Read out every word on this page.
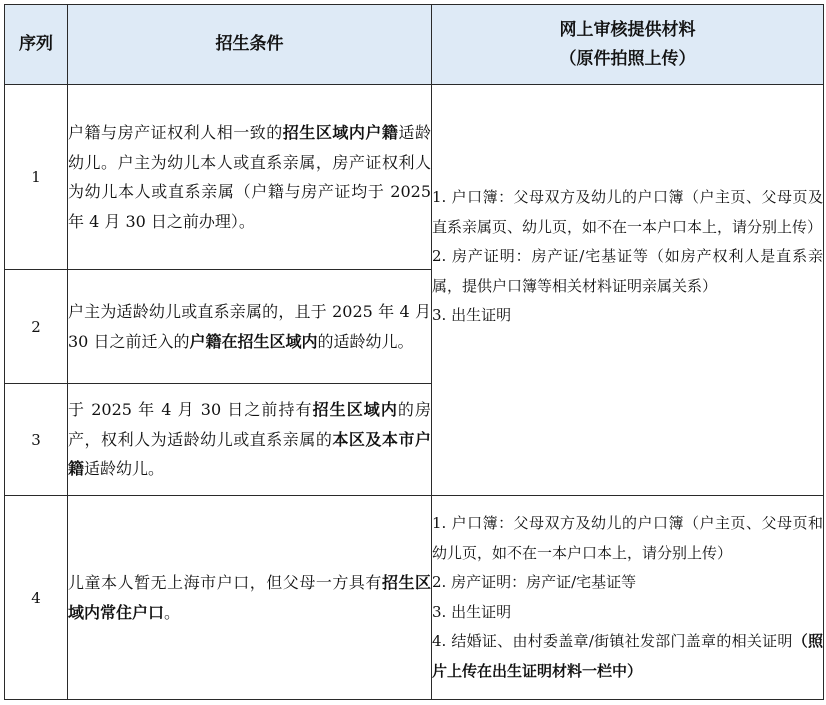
序列	招生条件	网上审核提供材料
（原件拍照上传）

1	户籍与房产证权利人相一致的招生区域内户籍适龄幼儿。户主为幼儿本人或直系亲属，房产证权利人为幼儿本人或直系亲属（户籍与房产证均于 2025 年 4 月 30 日之前办理）。	1. 户口簿：父母双方及幼儿的户口簿（户主页、父母页及直系亲属页、幼儿页，如不在一本户口本上，请分别上传）
2. 房产证明：房产证/宅基证等（如房产权利人是直系亲属，提供户口簿等相关材料证明亲属关系）
3. 出生证明

2	户主为适龄幼儿或直系亲属的，且于 2025 年 4 月 30 日之前迁入的户籍在招生区域内的适龄幼儿。	
3	于 2025 年 4 月 30 日之前持有招生区域内的房产，权利人为适龄幼儿或直系亲属的本区及本市户籍适龄幼儿。	
4	儿童本人暂无上海市户口，但父母一方具有招生区域内常住户口。	1. 户口簿：父母双方及幼儿的户口簿（户主页、父母页和幼儿页，如不在一本户口本上，请分别上传）
2. 房产证明：房产证/宅基证等
3. 出生证明
4. 结婚证、由村委盖章/街镇社发部门盖章的相关证明（照片上传在出生证明材料一栏中）
